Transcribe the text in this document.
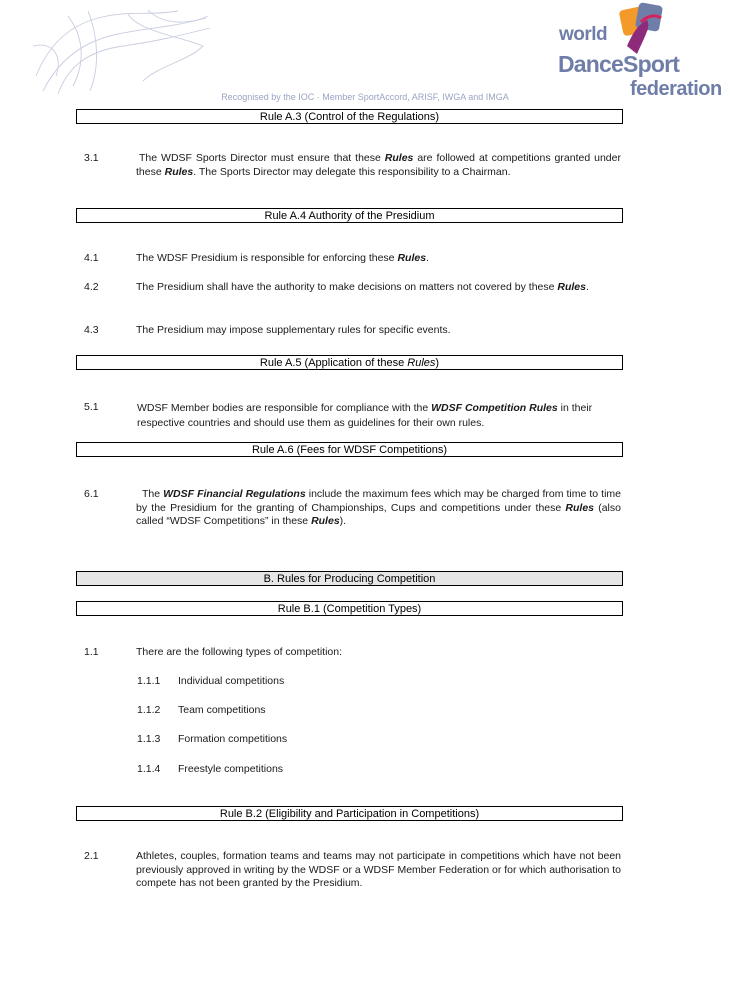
world
DanceSport
federation
Recognised by the IOC · Member SportAccord, ARISF, IWGA and IMGA
Rule A.3 (Control of the Regulations)
3.1	The WDSF Sports Director must ensure that these Rules are followed at competitions granted under these Rules. The Sports Director may delegate this responsibility to a Chairman.
Rule A.4 Authority of the Presidium
4.1	The WDSF Presidium is responsible for enforcing these Rules.
4.2	The Presidium shall have the authority to make decisions on matters not covered by these Rules.
4.3	The Presidium may impose supplementary rules for specific events.
Rule A.5 (Application of these Rules)
5.1	WDSF Member bodies are responsible for compliance with the WDSF Competition Rules in their respective countries and should use them as guidelines for their own rules.
Rule A.6 (Fees for WDSF Competitions)
6.1	The WDSF Financial Regulations include the maximum fees which may be charged from time to time by the Presidium for the granting of Championships, Cups and competitions under these Rules (also called “WDSF Competitions” in these Rules).
B. Rules for Producing Competition
Rule B.1 (Competition Types)
1.1	There are the following types of competition:
1.1.1 Individual competitions
1.1.2 Team competitions
1.1.3 Formation competitions
1.1.4 Freestyle competitions
Rule B.2 (Eligibility and Participation in Competitions)
2.1	Athletes, couples, formation teams and teams may not participate in competitions which have not been previously approved in writing by the WDSF or a WDSF Member Federation or for which authorisation to compete has not been granted by the Presidium.
